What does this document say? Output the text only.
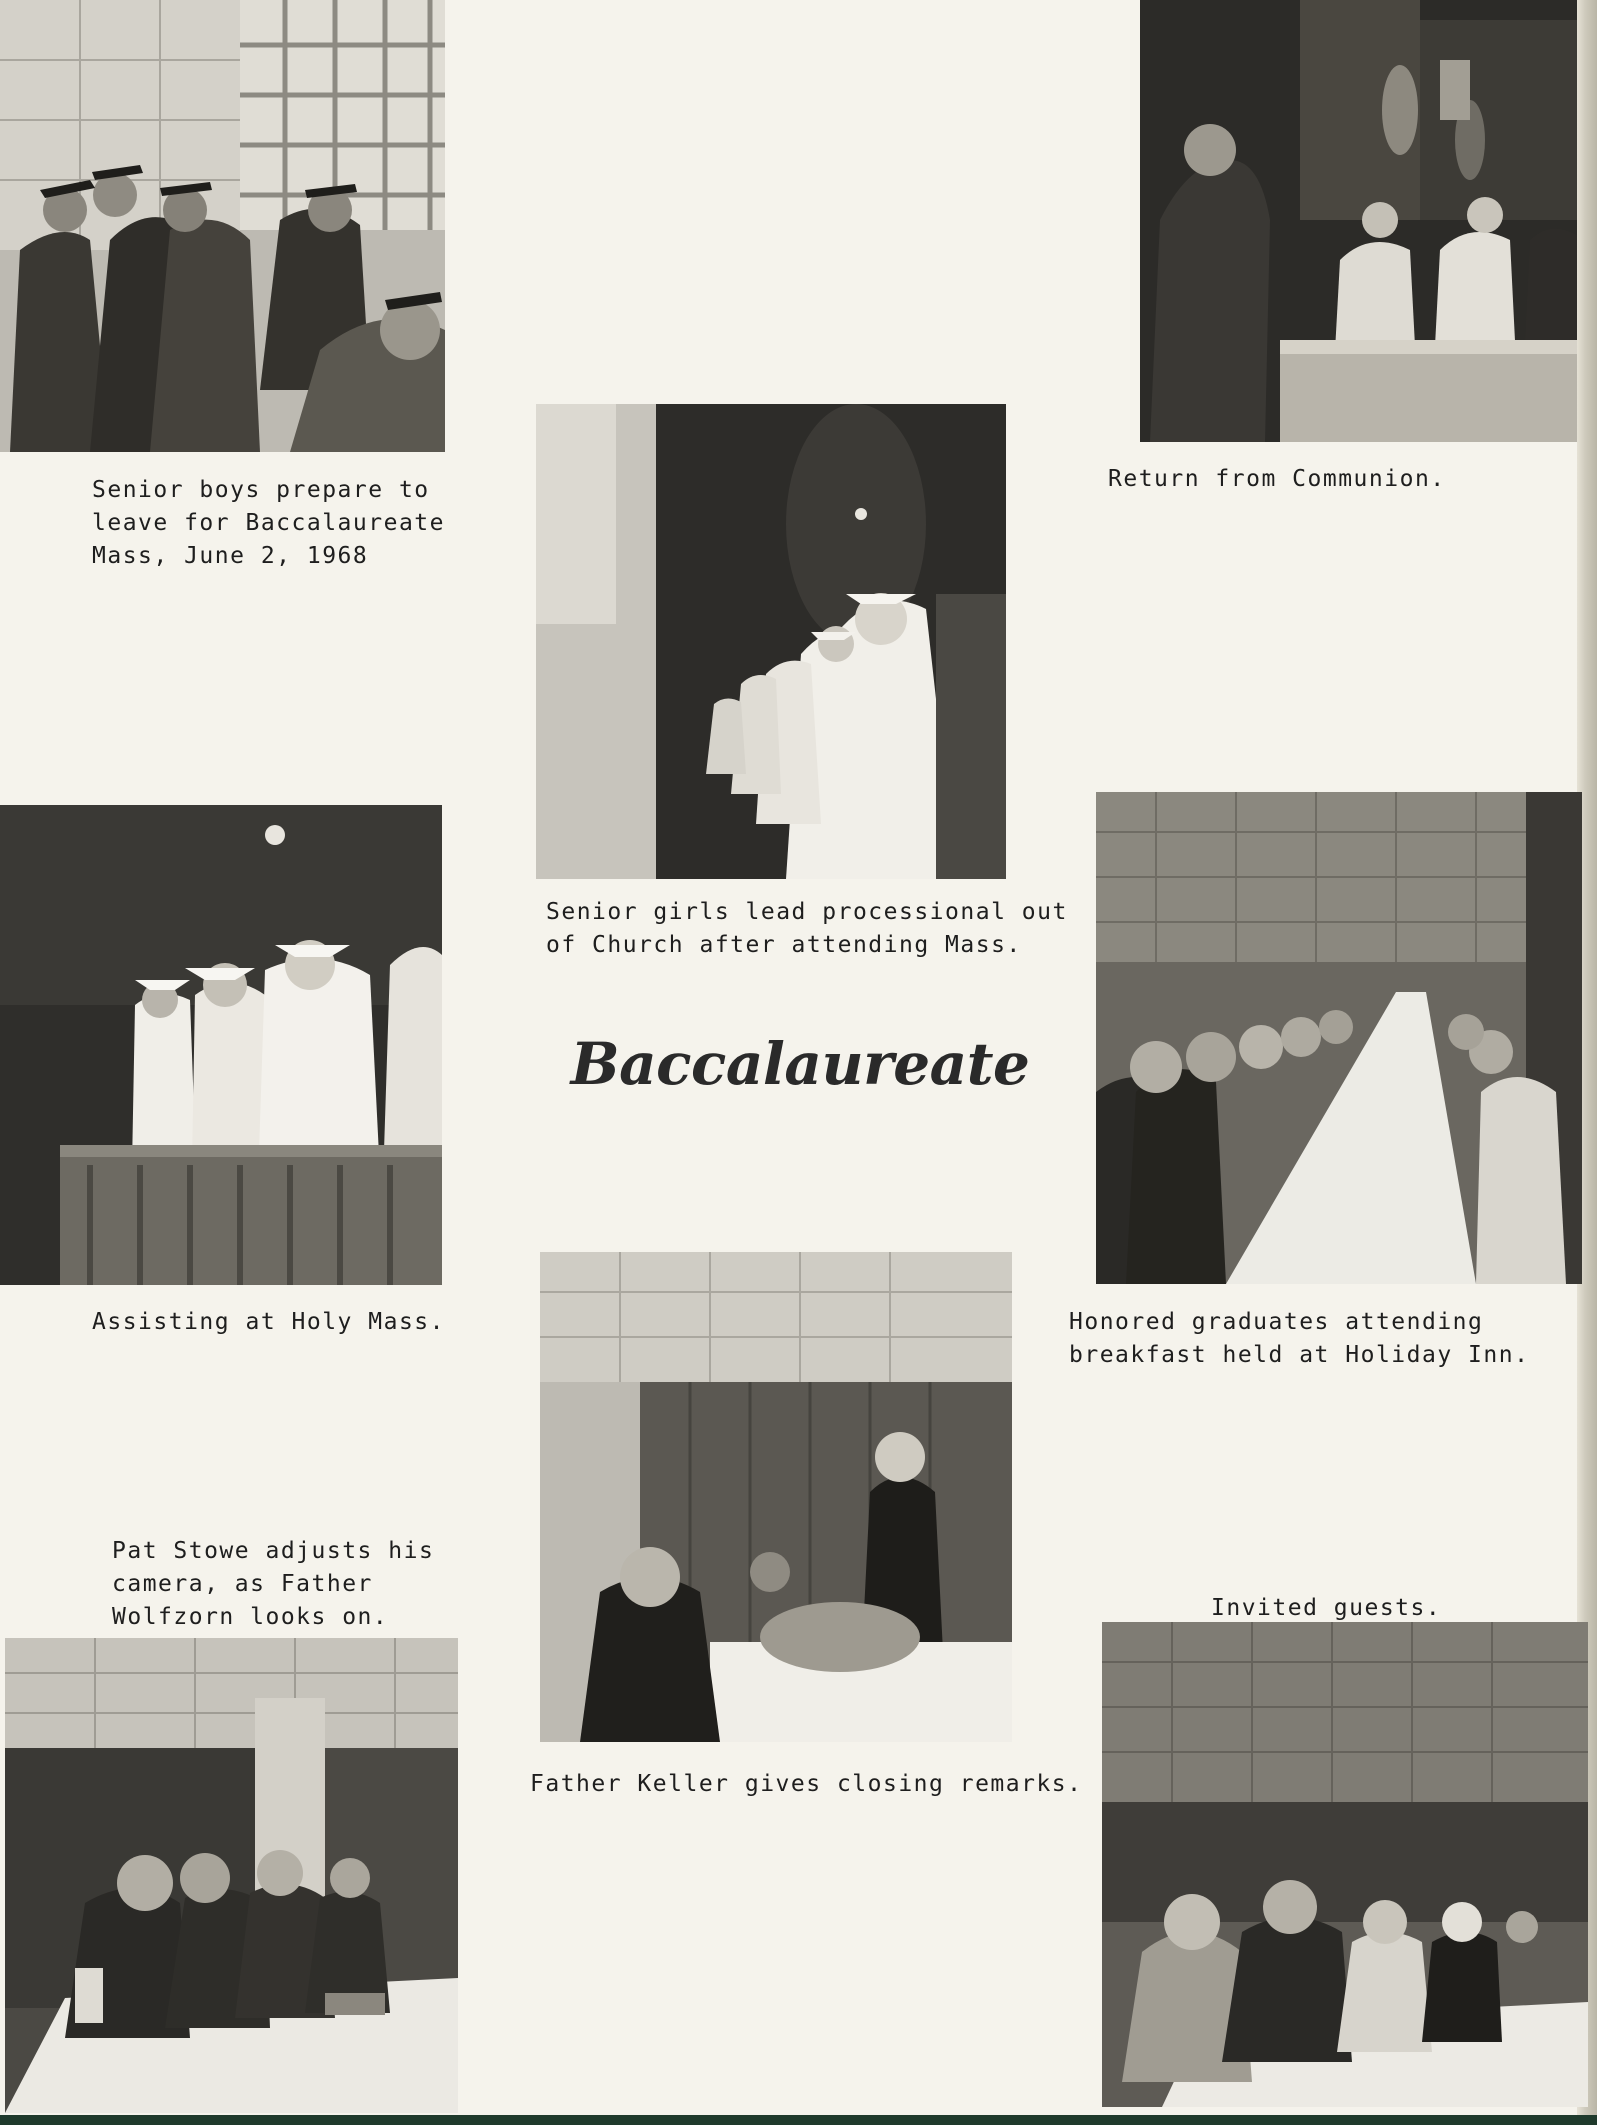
Senior boys prepare to
leave for Baccalaureate
Mass, June 2, 1968
Return from Communion.
Senior girls lead processional out
of Church after attending Mass.
Assisting at Holy Mass.	Honored graduates attending
breakfast held at Holiday Inn.
Pat Stowe adjusts his
camera, as Father
Wolfzorn looks on.	Invited guests.
Father Keller gives closing remarks.
Baccalaureate
